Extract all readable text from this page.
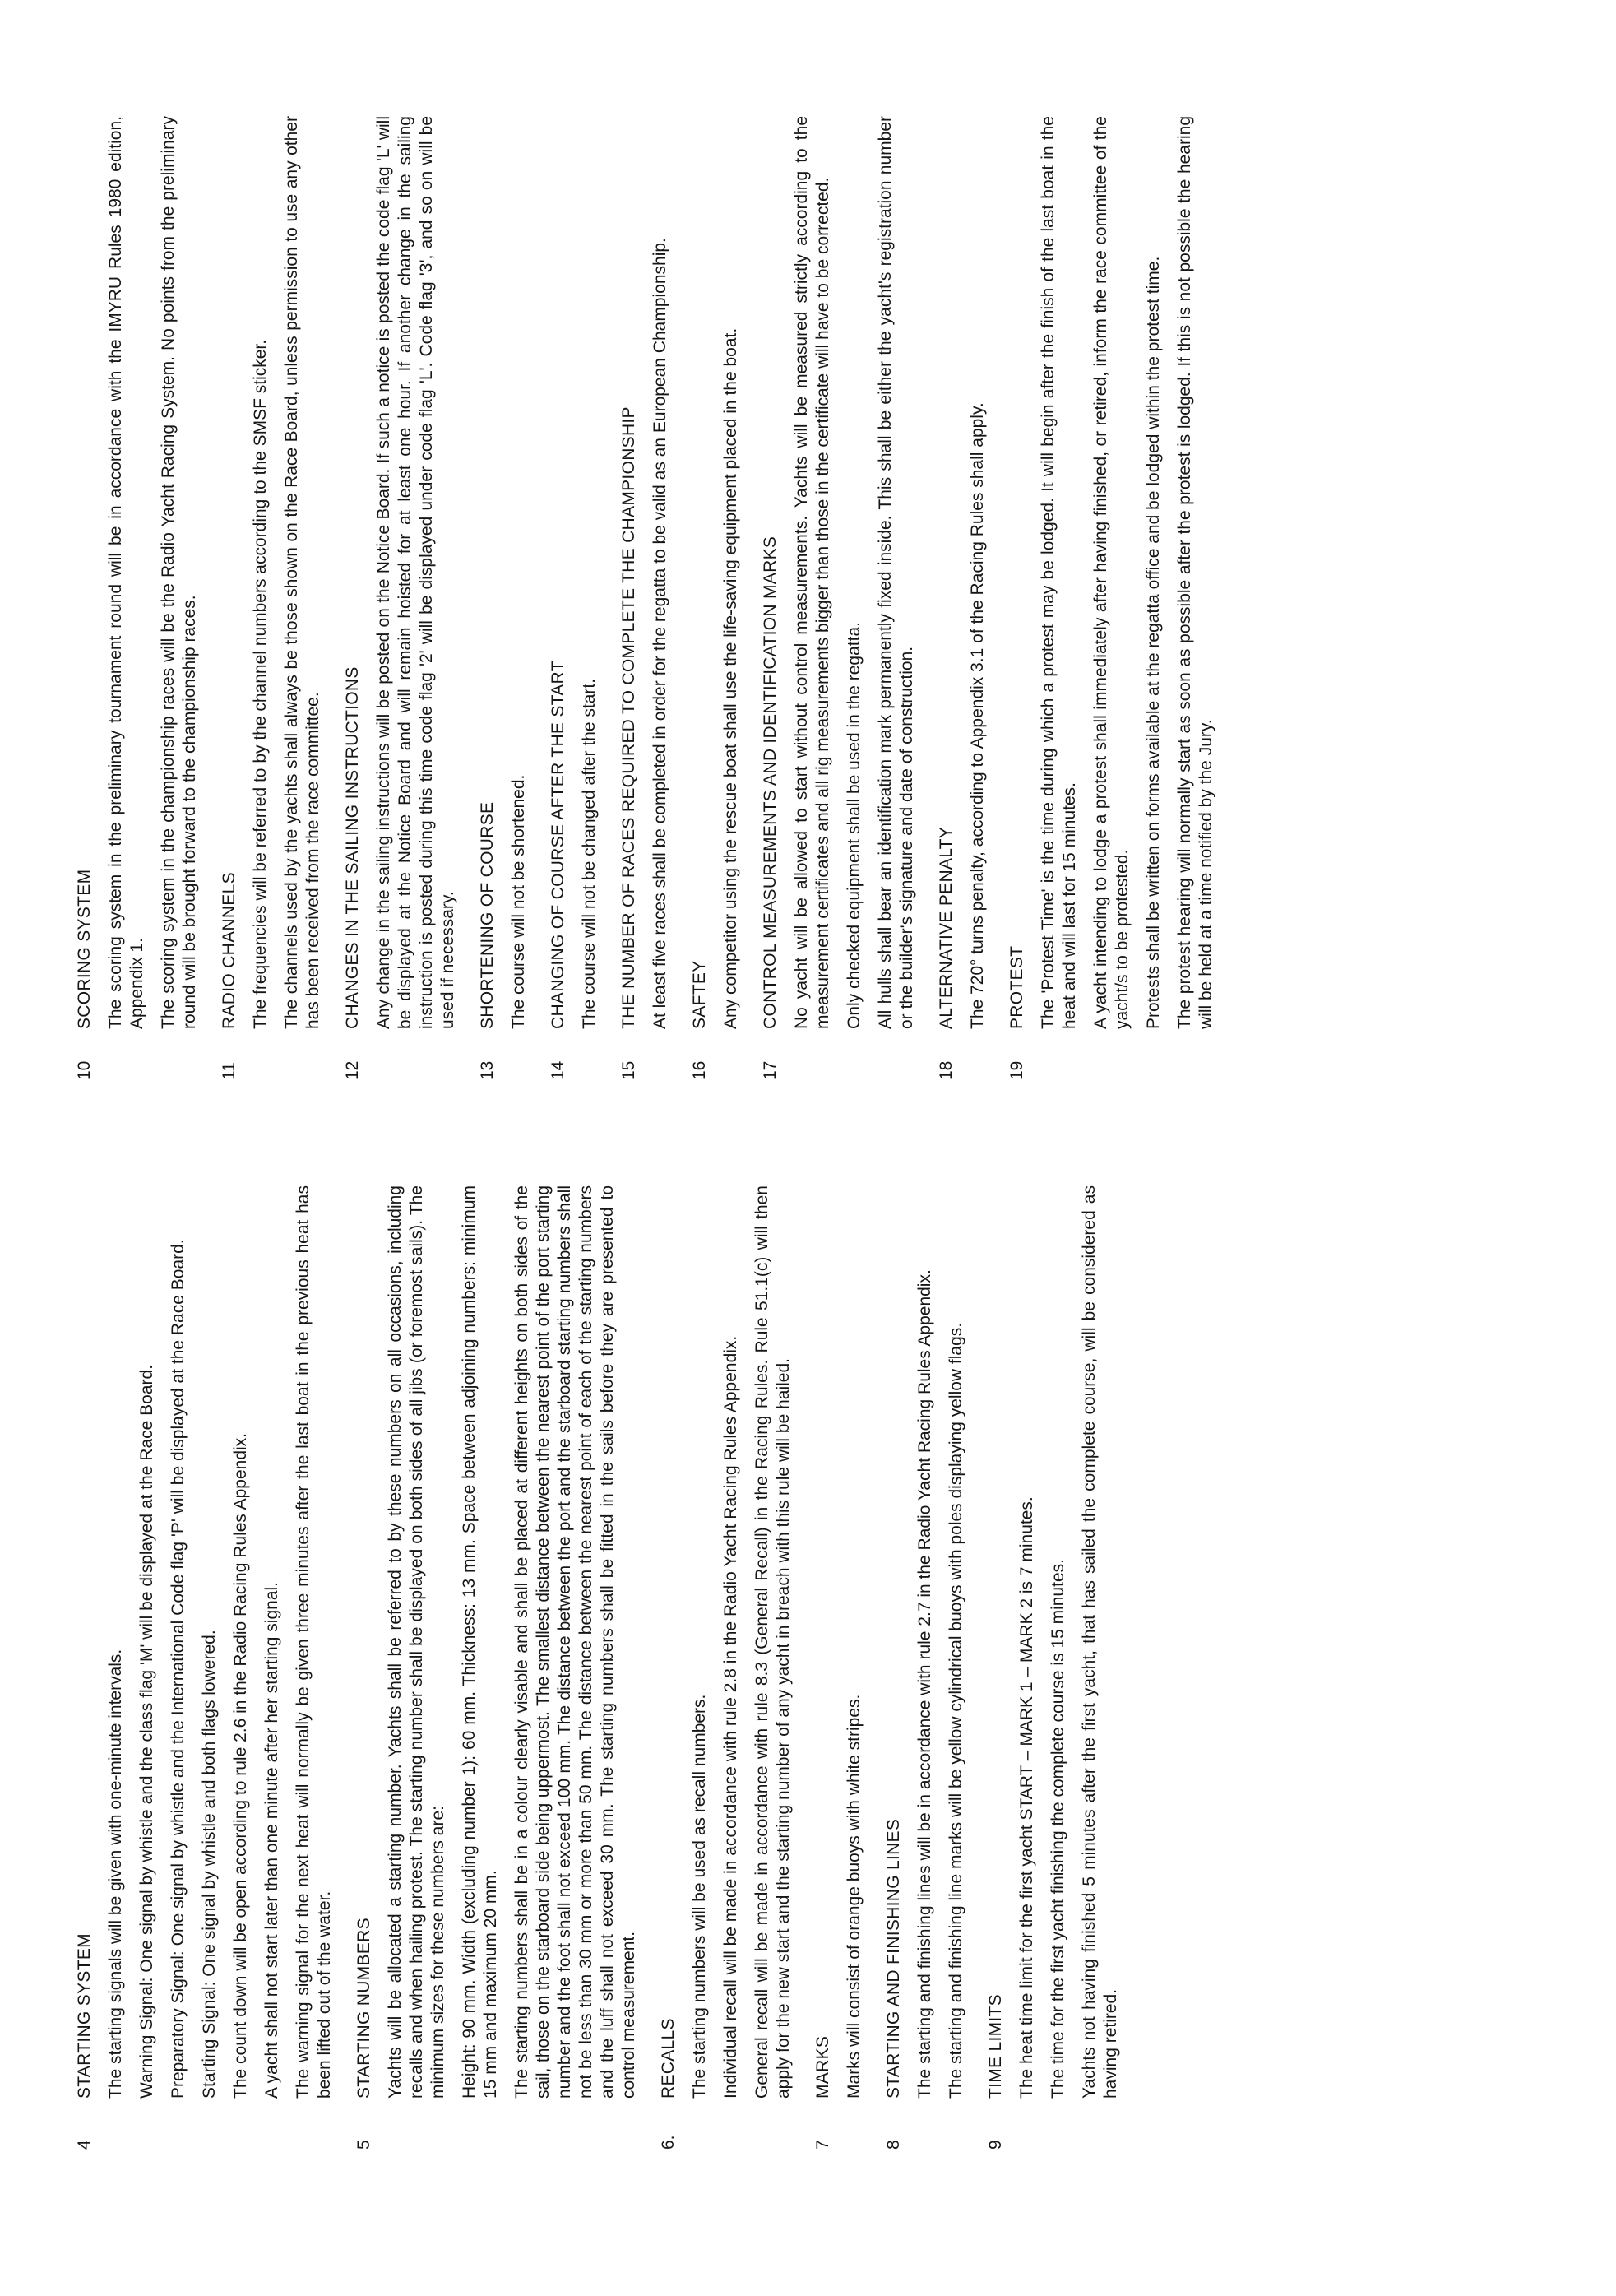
4
STARTING SYSTEM The starting signals will be given with one-minute intervals. Warning Signal: One signal by whistle and the class flag 'M' will be displayed at the Race Board. Preparatory Signal: One signal by whistle and the International Code flag 'P' will be displayed at the Race Board. Starting Signal: One signal by whistle and both flags lowered. The count down will be open according to rule 2.6 in the Radio Racing Rules Appendix. A yacht shall not start later than one minute after her starting signal. The warning signal for the next heat will normally be given three minutes after the last boat in the previous heat has been lifted out of the water.
5
STARTING NUMBERS Yachts will be allocated a starting number. Yachts shall be referred to by these numbers on all occasions, including recalls and when hailing protest. The starting number shall be displayed on both sides of all jibs (or foremost sails). The minimum sizes for these numbers are: Height: 90 mm. Width (excluding number 1): 60 mm. Thickness: 13 mm. Space between adjoining numbers: minimum 15 mm and maximum 20 mm. The starting numbers shall be in a colour clearly visable and shall be placed at different heights on both sides of the sail, those on the starboard side being uppermost. The smallest distance between the nearest point of the port starting number and the foot shall not exceed 100 mm. The distance between the port and the starboard starting numbers shall not be less than 30 mm or more than 50 mm. The distance between the nearest point of each of the starting numbers and the luff shall not exceed 30 mm. The starting numbers shall be fitted in the sails before they are presented to control measurement.
6.
RECALLS The starting numbers will be used as recall numbers. Individual recall will be made in accordance with rule 2.8 in the Radio Yacht Racing Rules Appendix. General recall will be made in accordance with rule 8.3 (General Recall) in the Racing Rules. Rule 51.1(c) will then apply for the new start and the starting number of any yacht in breach with this rule will be hailed.
7
MARKS Marks will consist of orange buoys with white stripes.
8
STARTING AND FINISHING LINES The starting and finishing lines will be in accordance with rule 2.7 in the Radio Yacht Racing Rules Appendix. The starting and finishing line marks will be yellow cylindrical buoys with poles displaying yellow flags.
9
TIME LIMITS The heat time limit for the first yacht START – MARK 1 – MARK 2 is 7 minutes. The time for the first yacht finishing the complete course is 15 minutes. Yachts not having finished 5 minutes after the first yacht, that has sailed the complete course, will be considered as having retired.
10
SCORING SYSTEM The scoring system in the preliminary tournament round will be in accordance with the IMYRU Rules 1980 edition, Appendix 1. The scoring system in the championship races will be the Radio Yacht Racing System. No points from the preliminary round will be brought forward to the championship races.
11
RADIO CHANNELS The frequencies will be referred to by the channel numbers according to the SMSF sticker. The channels used by the yachts shall always be those shown on the Race Board, unless permission to use any other has been received from the race committee.
12
CHANGES IN THE SAILING INSTRUCTIONS Any change in the sailing instructions will be posted on the Notice Board. If such a notice is posted the code flag 'L' will be displayed at the Notice Board and will remain hoisted for at least one hour. If another change in the sailing instruction is posted during this time code flag '2' will be displayed under code flag 'L'. Code flag '3', and so on will be used if necessary.
13
SHORTENING OF COURSE The course will not be shortened.
14
CHANGING OF COURSE AFTER THE START The course will not be changed after the start.
15
THE NUMBER OF RACES REQUIRED TO COMPLETE THE CHAMPIONSHIP At least five races shall be completed in order for the regatta to be valid as an European Championship.
16
SAFTEY Any competitor using the rescue boat shall use the life-saving equipment placed in the boat.
17
CONTROL MEASUREMENTS AND IDENTIFICATION MARKS No yacht will be allowed to start without control measurements. Yachts will be measured strictly according to the measurement certificates and all rig measurements bigger than those in the certificate will have to be corrected. Only checked equipment shall be used in the regatta. All hulls shall bear an identification mark permanently fixed inside. This shall be either the yacht's registration number or the builder's signature and date of construction.
18
ALTERNATIVE PENALTY The 720° turns penalty, according to Appendix 3.1 of the Racing Rules shall apply.
19
PROTEST The 'Protest Time' is the time during which a protest may be lodged. It will begin after the finish of the last boat in the heat and will last for 15 minutes. A yacht intending to lodge a protest shall immediately after having finished, or retired, inform the race committee of the yacht/s to be protested. Protests shall be written on forms available at the regatta office and be lodged within the protest time. The protest hearing will normally start as soon as possible after the protest is lodged. If this is not possible the hearing will be held at a time notified by the Jury.
